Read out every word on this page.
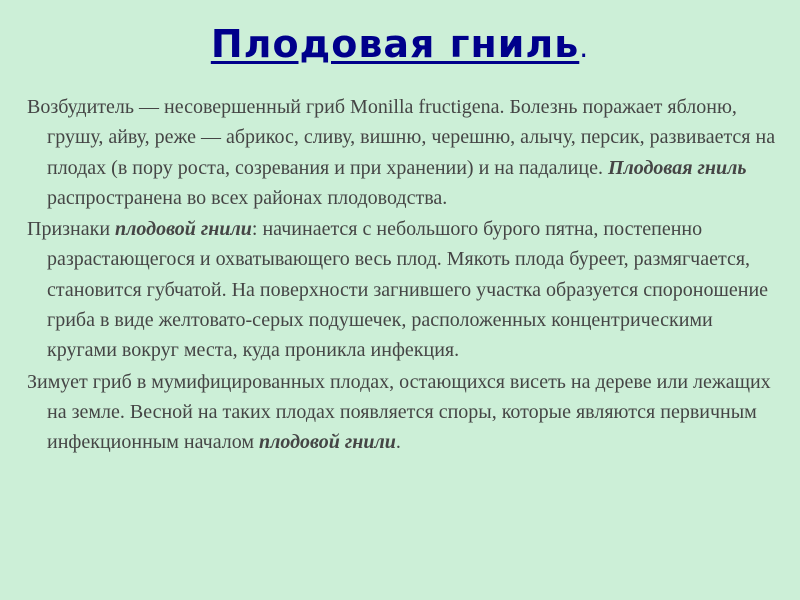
Плодовая гниль.

Возбудитель — несовершенный гриб Monilla fructigena. Болезнь поражает яблоню, грушу, айву, реже — абрикос, сливу, вишню, черешню, алычу, персик, развивается на плодах (в пору роста, созревания и при хранении) и на падалице. Плодовая гниль распространена во всех районах плодоводства.

Признаки плодовой гнили: начинается с небольшого бурого пятна, постепенно разрастающегося и охватывающего весь плод. Мякоть плода буреет, размягчается, становится губчатой. На поверхности загнившего участка образуется спороношение гриба в виде желтовато-серых подушечек, расположенных концентрическими кругами вокруг места, куда проникла инфекция.

Зимует гриб в мумифицированных плодах, остающихся висеть на дереве или лежащих на земле. Весной на таких плодах появляется споры, которые являются первичным инфекционным началом плодовой гнили.
